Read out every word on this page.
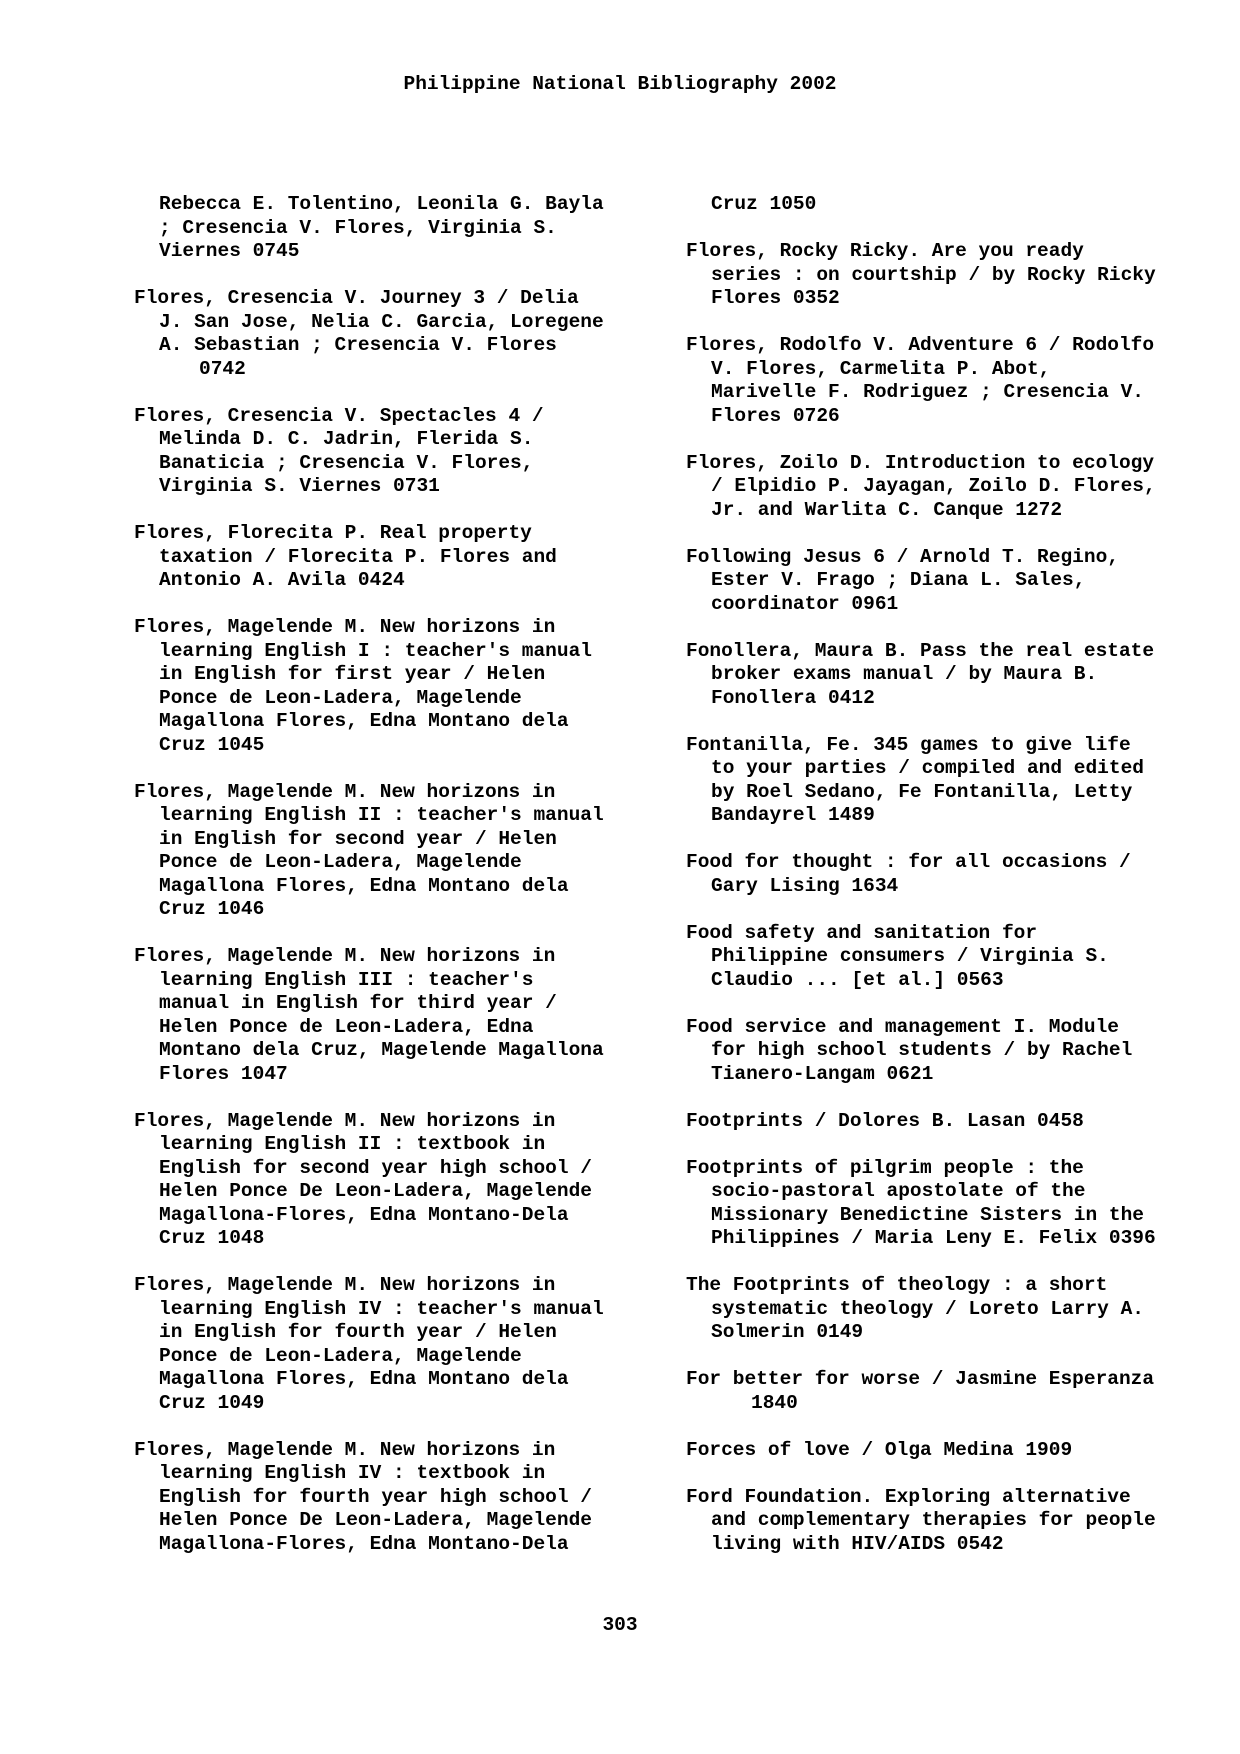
Philippine National Bibliography 2002
Rebecca E. Tolentino, Leonila G. Bayla
; Cresencia V. Flores, Virginia S.
Viernes 0745
Flores, Cresencia V. Journey 3 / Delia
J. San Jose, Nelia C. Garcia, Loregene
A. Sebastian ; Cresencia V. Flores
0742
Flores, Cresencia V. Spectacles 4 /
Melinda D. C. Jadrin, Flerida S.
Banaticia ; Cresencia V. Flores,
Virginia S. Viernes 0731
Flores, Florecita P. Real property
taxation / Florecita P. Flores and
Antonio A. Avila 0424
Flores, Magelende M. New horizons in
learning English I : teacher's manual
in English for first year / Helen
Ponce de Leon-Ladera, Magelende
Magallona Flores, Edna Montano dela
Cruz 1045
Flores, Magelende M. New horizons in
learning English II : teacher's manual
in English for second year / Helen
Ponce de Leon-Ladera, Magelende
Magallona Flores, Edna Montano dela
Cruz 1046
Flores, Magelende M. New horizons in
learning English III : teacher's
manual in English for third year /
Helen Ponce de Leon-Ladera, Edna
Montano dela Cruz, Magelende Magallona
Flores 1047
Flores, Magelende M. New horizons in
learning English II : textbook in
English for second year high school /
Helen Ponce De Leon-Ladera, Magelende
Magallona-Flores, Edna Montano-Dela
Cruz 1048
Flores, Magelende M. New horizons in
learning English IV : teacher's manual
in English for fourth year / Helen
Ponce de Leon-Ladera, Magelende
Magallona Flores, Edna Montano dela
Cruz 1049
Flores, Magelende M. New horizons in
learning English IV : textbook in
English for fourth year high school /
Helen Ponce De Leon-Ladera, Magelende
Magallona-Flores, Edna Montano-Dela
Cruz 1050
Flores, Rocky Ricky. Are you ready
series : on courtship / by Rocky Ricky
Flores 0352
Flores, Rodolfo V. Adventure 6 / Rodolfo
V. Flores, Carmelita P. Abot,
Marivelle F. Rodriguez ; Cresencia V.
Flores 0726
Flores, Zoilo D. Introduction to ecology
/ Elpidio P. Jayagan, Zoilo D. Flores,
Jr. and Warlita C. Canque 1272
Following Jesus 6 / Arnold T. Regino,
Ester V. Frago ; Diana L. Sales,
coordinator 0961
Fonollera, Maura B. Pass the real estate
broker exams manual / by Maura B.
Fonollera 0412
Fontanilla, Fe. 345 games to give life
to your parties / compiled and edited
by Roel Sedano, Fe Fontanilla, Letty
Bandayrel 1489
Food for thought : for all occasions /
Gary Lising 1634
Food safety and sanitation for
Philippine consumers / Virginia S.
Claudio ... [et al.] 0563
Food service and management I. Module
for high school students / by Rachel
Tianero-Langam 0621
Footprints / Dolores B. Lasan 0458
Footprints of pilgrim people : the
socio-pastoral apostolate of the
Missionary Benedictine Sisters in the
Philippines / Maria Leny E. Felix 0396
The Footprints of theology : a short
systematic theology / Loreto Larry A.
Solmerin 0149
For better for worse / Jasmine Esperanza
1840
Forces of love / Olga Medina 1909
Ford Foundation. Exploring alternative
and complementary therapies for people
living with HIV/AIDS 0542
303
